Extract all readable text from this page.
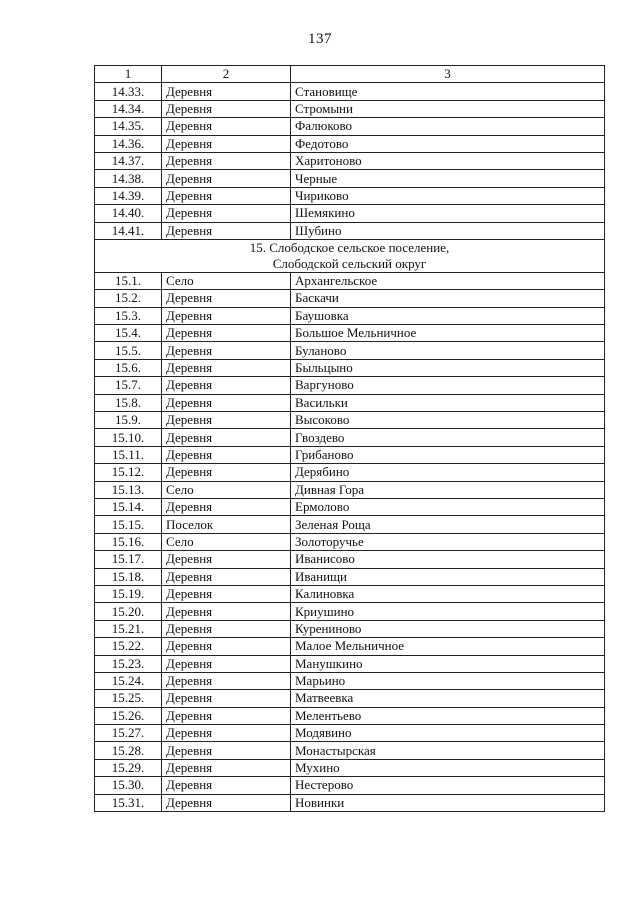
137
1	2	3
14.33.	Деревня	Становище
14.34.	Деревня	Стромыни
14.35.	Деревня	Фалюково
14.36.	Деревня	Федотово
14.37.	Деревня	Харитоново
14.38.	Деревня	Черные
14.39.	Деревня	Чириково
14.40.	Деревня	Шемякино
14.41.	Деревня	Шубино

15. Слободское сельское поселение,
Слободской сельский округ		

15.1.	Село	Архангельское
15.2.	Деревня	Баскачи
15.3.	Деревня	Баушовка
15.4.	Деревня	Большое Мельничное
15.5.	Деревня	Буланово
15.6.	Деревня	Быльцыно
15.7.	Деревня	Варгуново
15.8.	Деревня	Васильки
15.9.	Деревня	Высоково
15.10.	Деревня	Гвоздево
15.11.	Деревня	Грибаново
15.12.	Деревня	Дерябино
15.13.	Село	Дивная Гора
15.14.	Деревня	Ермолово
15.15.	Поселок	Зеленая Роща
15.16.	Село	Золоторучье
15.17.	Деревня	Иванисово
15.18.	Деревня	Иванищи
15.19.	Деревня	Калиновка
15.20.	Деревня	Криушино
15.21.	Деревня	Куренинoво
15.22.	Деревня	Малое Мельничное
15.23.	Деревня	Манушкино
15.24.	Деревня	Марьино
15.25.	Деревня	Матвеевка
15.26.	Деревня	Мелентьево
15.27.	Деревня	Модявино
15.28.	Деревня	Монастырская
15.29.	Деревня	Мухино
15.30.	Деревня	Нестерово
15.31.	Деревня	Новинки
